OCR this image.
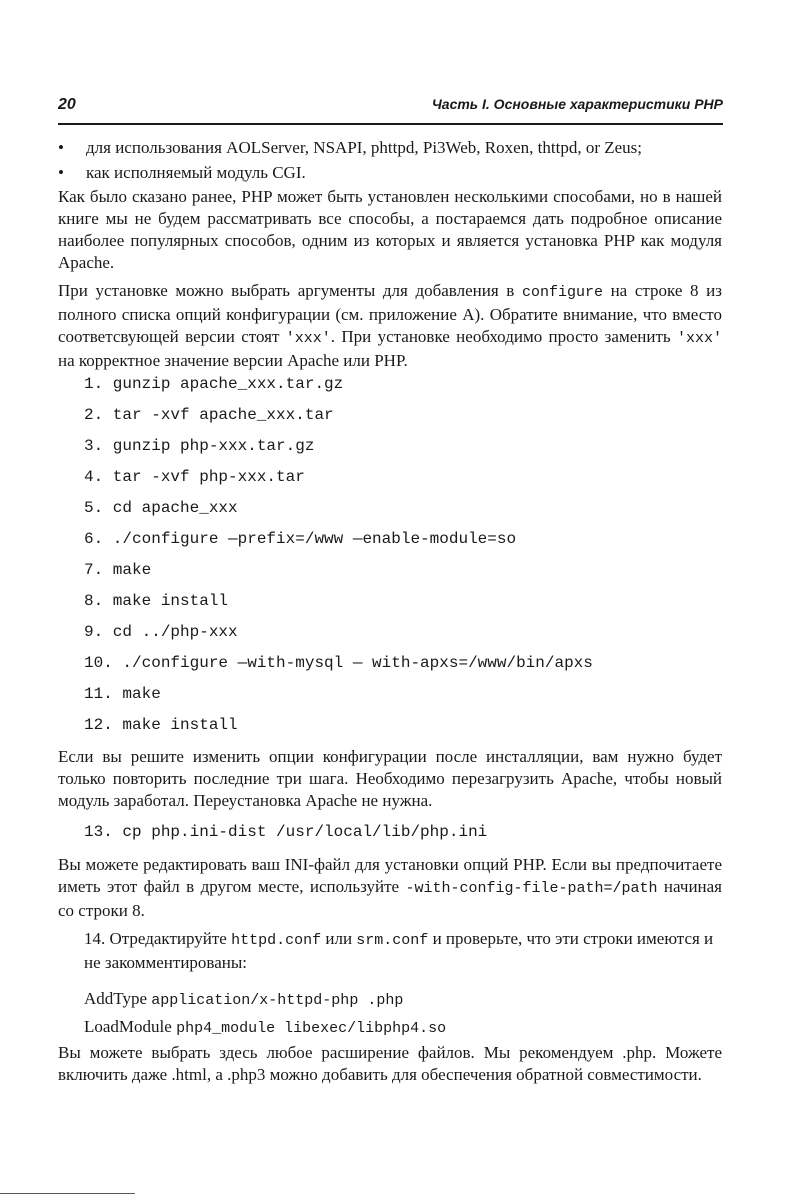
20	Часть I. Основные характеристики PHP
• для использования AOLServer, NSAPI, phttpd, Pi3Web, Roxen, thttpd, or Zeus;
• как исполняемый модуль CGI.

Как было сказано ранее, PHP может быть установлен несколькими способами, но в нашей книге мы не будем рассматривать все способы, а постараемся дать подробное описание наиболее популярных способов, одним из которых и является установка PHP как модуля Apache.

При установке можно выбрать аргументы для добавления в configure на строке 8 из полного списка опций конфигурации (см. приложение А). Обратите внимание, что вместо соответсвующей версии стоят 'xxx'. При установке необходимо просто заменить 'xxx' на корректное значение версии Apache или PHP.

1. gunzip apache_xxx.tar.gz
2. tar -xvf apache_xxx.tar
3. gunzip php-xxx.tar.gz
4. tar -xvf php-xxx.tar
5. cd apache_xxx
6. ./configure —prefix=/www —enable-module=so
7. make
8. make install
9. cd ../php-xxx
10. ./configure —with-mysql — with-apxs=/www/bin/apxs
11. make
12. make install

Если вы решите изменить опции конфигурации после инсталляции, вам нужно будет только повторить последние три шага. Необходимо перезагрузить Apache, чтобы новый модуль заработал. Переустановка Apache не нужна.

13. cp php.ini-dist /usr/local/lib/php.ini

Вы можете редактировать ваш INI-файл для установки опций PHP. Если вы предпочитаете иметь этот файл в другом месте, используйте -with-config-file-path=/path начиная со строки 8.

14. Отредактируйте httpd.conf или srm.conf и проверьте, что эти строки имеются и не закомментированы:

AddType application/x-httpd-php .php
LoadModule php4_module libexec/libphp4.so

Вы можете выбрать здесь любое расширение файлов. Мы рекомендуем .php. Можете включить даже .html, а .php3 можно добавить для обеспечения обратной совместимости.
